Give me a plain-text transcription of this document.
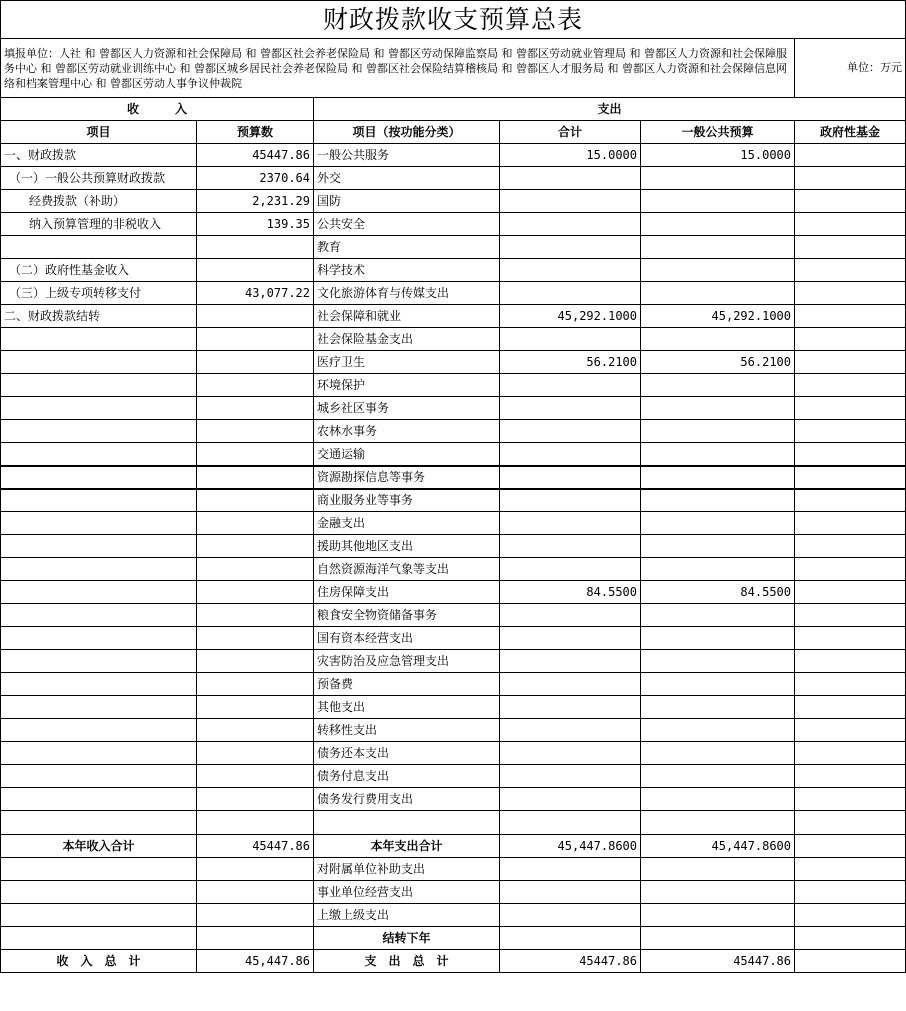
财政拨款收支预算总表					
填报单位：人社 和 曾都区人力资源和社会保障局 和 曾都区社会养老保险局 和 曾都区劳动保障监察局 和 曾都区劳动就业管理局 和 曾都区人力资源和社会保障服务中心 和 曾都区劳动就业训练中心 和 曾都区城乡居民社会养老保险局 和 曾都区社会保险结算稽核局 和 曾都区人才服务局 和 曾都区人力资源和社会保障信息网络和档案管理中心 和 曾都区劳动人事争议仲裁院					单位：万元
收　　　入		支出			
项目	预算数	项目（按功能分类）	合计	一般公共预算	政府性基金
一、财政拨款	45447.86	一般公共服务	15.0000	15.0000	
（一）一般公共预算财政拨款	2370.64	外交			
经费拨款（补助）	2,231.29	国防			
纳入预算管理的非税收入	139.35	公共安全			
		教育			
（二）政府性基金收入		科学技术			
（三）上级专项转移支付	43,077.22	文化旅游体育与传媒支出			
二、财政拨款结转		社会保障和就业	45,292.1000	45,292.1000	
		社会保险基金支出			
		医疗卫生	56.2100	56.2100	
		环境保护			
		城乡社区事务			
		农林水事务			
		交通运输			
		资源勘探信息等事务			
		商业服务业等事务			
		金融支出			
		援助其他地区支出			
		自然资源海洋气象等支出			
		住房保障支出	84.5500	84.5500	
		粮食安全物资储备事务			
		国有资本经营支出			
		灾害防治及应急管理支出			
		预备费			
		其他支出			
		转移性支出			
		债务还本支出			
		债务付息支出			
		债务发行费用支出			

本年收入合计	45447.86	本年支出合计	45,447.8600	45,447.8600	
		对附属单位补助支出			
		事业单位经营支出			
		上缴上级支出			
		结转下年			
收　入　总　计	45,447.86	支　出　总　计	45447.86	45447.86	
